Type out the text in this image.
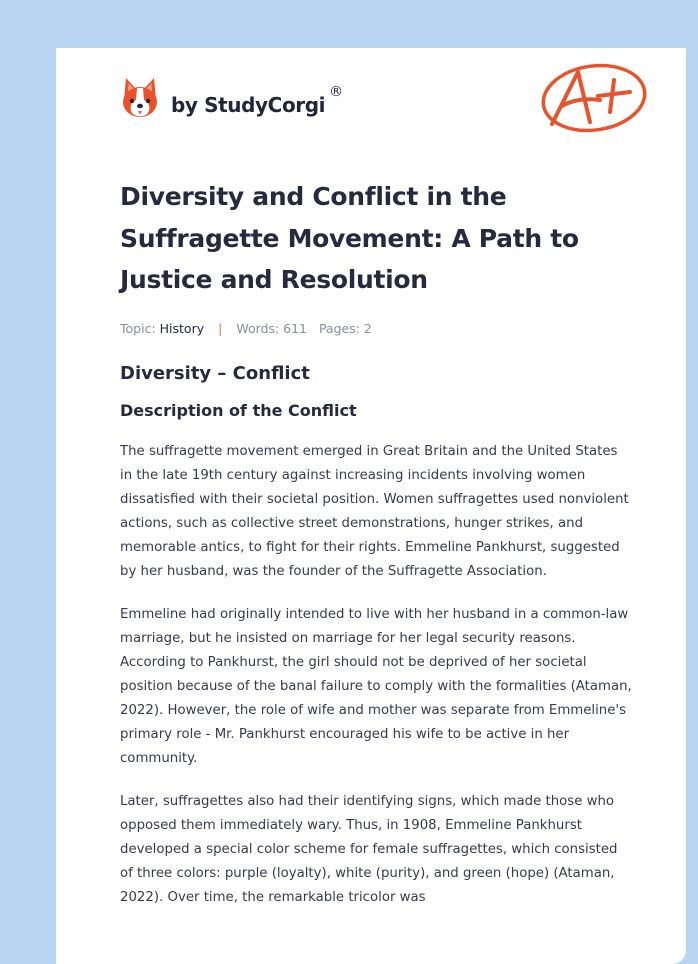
by StudyCorgi
®
Diversity and Conflict in the Suffragette Movement: A Path to Justice and Resolution
Topic: History | Words: 611 Pages: 2
Diversity – Conflict
Description of the Conflict

The suffragette movement emerged in Great Britain and the United States in the late 19th century against increasing incidents involving women dissatisfied with their societal position. Women suffragettes used nonviolent actions, such as collective street demonstrations, hunger strikes, and memorable antics, to fight for their rights. Emmeline Pankhurst, suggested by her husband, was the founder of the Suffragette Association.

Emmeline had originally intended to live with her husband in a common-law marriage, but he insisted on marriage for her legal security reasons. According to Pankhurst, the girl should not be deprived of her societal position because of the banal failure to comply with the formalities (Ataman, 2022). However, the role of wife and mother was separate from Emmeline's primary role - Mr. Pankhurst encouraged his wife to be active in her community.

Later, suffragettes also had their identifying signs, which made those who opposed them immediately wary. Thus, in 1908, Emmeline Pankhurst developed a special color scheme for female suffragettes, which consisted of three colors: purple (loyalty), white (purity), and green (hope) (Ataman, 2022). Over time, the remarkable tricolor was
